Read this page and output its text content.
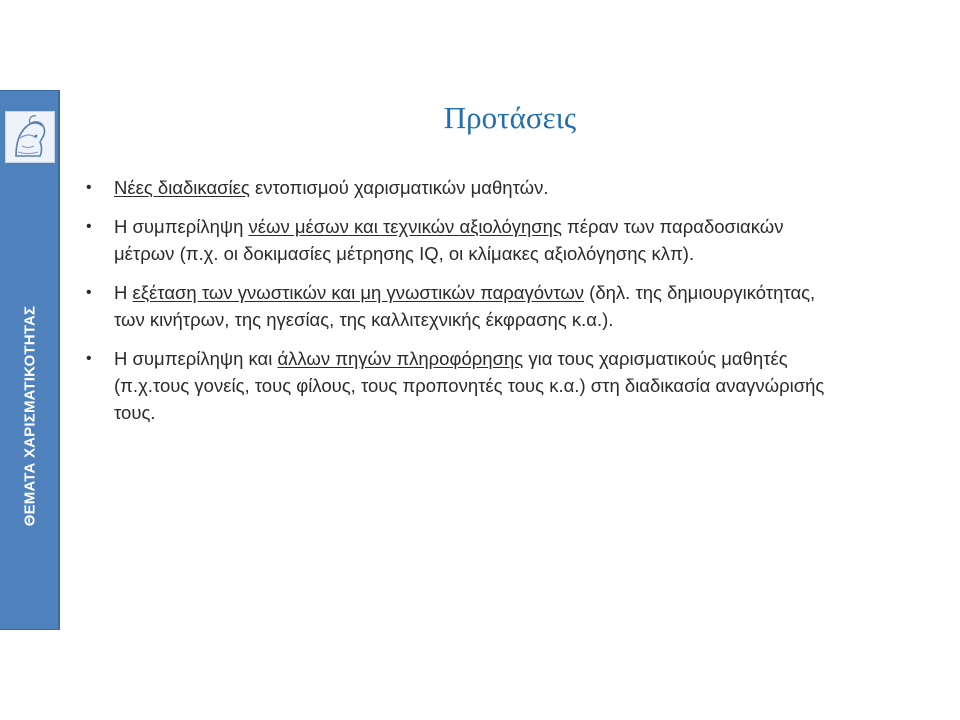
ΘΕΜΑΤΑ ΧΑΡΙΣΜΑΤΙΚΟΤΗΤΑΣ
Προτάσεις
• Νέες διαδικασίες εντοπισμού χαρισματικών μαθητών.
• Η συμπερίληψη νέων μέσων και τεχνικών αξιολόγησης πέραν των παραδοσιακών μέτρων (π.χ. οι δοκιμασίες μέτρησης IQ, οι κλίμακες αξιολόγησης κλπ).
• Η εξέταση των γνωστικών και μη γνωστικών παραγόντων (δηλ. της δημιουργικότητας, των κινήτρων, της ηγεσίας, της καλλιτεχνικής έκφρασης κ.α.).
• Η συμπερίληψη και άλλων πηγών πληροφόρησης για τους χαρισματικούς μαθητές (π.χ.τους γονείς, τους φίλους, τους προπονητές τους κ.α.) στη διαδικασία αναγνώρισής τους.
